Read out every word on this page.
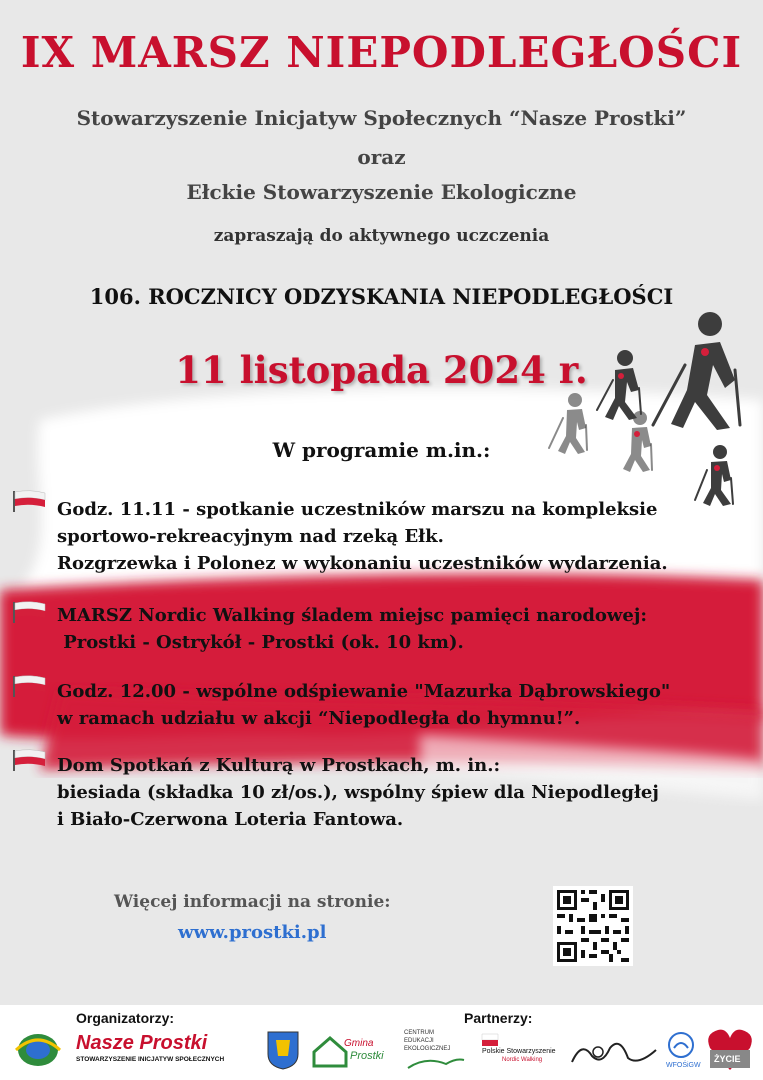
IX MARSZ NIEPODLEGŁOŚCI
Stowarzyszenie Inicjatyw Społecznych “Nasze Prostki”
oraz
Ełckie Stowarzyszenie Ekologiczne
zapraszają do aktywnego uczczenia
106. ROCZNICY ODZYSKANIA NIEPODLEGŁOŚCI
11 listopada 2024 r.
W programie m.in.:
Godz. 11.11 - spotkanie uczestników marszu na kompleksie
sportowo-rekreacyjnym nad rzeką Ełk.
Rozgrzewka i Polonez w wykonaniu uczestników wydarzenia.
MARSZ Nordic Walking śladem miejsc pamięci narodowej:
Prostki - Ostrykół - Prostki (ok. 10 km).
Godz. 12.00 - wspólne odśpiewanie "Mazurka Dąbrowskiego"
w ramach udziału w akcji “Niepodległa do hymnu!”.
Dom Spotkań z Kulturą w Prostkach, m. in.:
biesiada (składka 10 zł/os.), wspólny śpiew dla Niepodległej
i Biało-Czerwona Loteria Fantowa.
Więcej informacji na stronie:
www.prostki.pl
Organizatorzy:	Partnerzy:
Nasze Prostki
STOWARZYSZENIE INICJATYW SPOŁECZNYCH
Gmina
Prostki
CENTRUM
EDUKACJI
EKOLOGICZNEJ	Polskie Stowarzyszenie
Nordic Walking
WFOŚiGW
ŻYCIE
